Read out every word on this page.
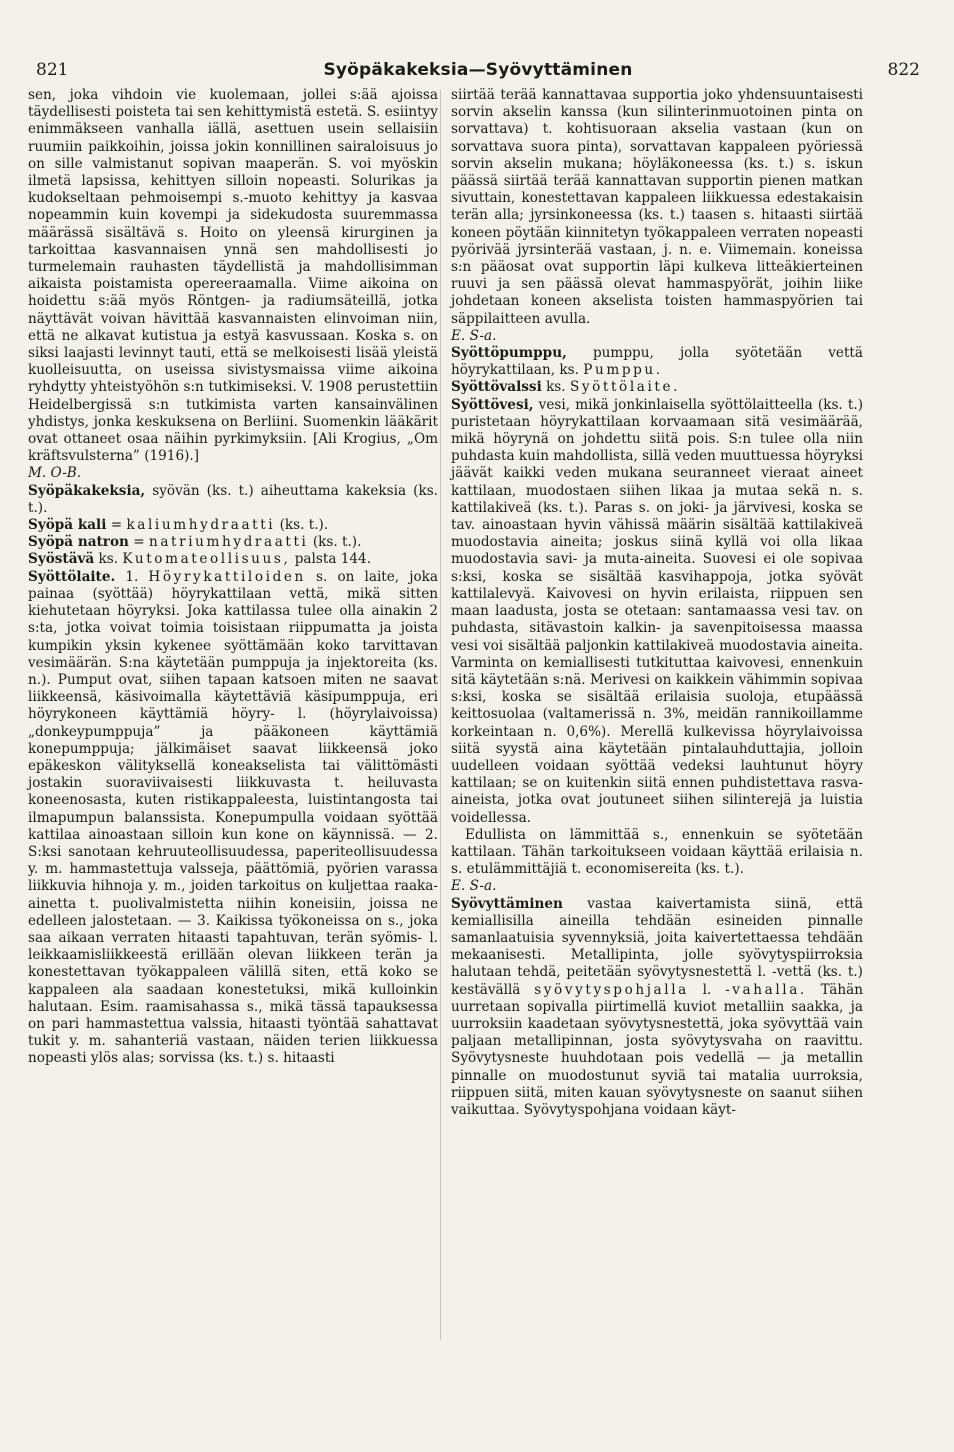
821	Syöpäkakeksia—Syövyttäminen	822

sen, joka vihdoin vie kuolemaan, jollei s:ää ajoissa täydellisesti poisteta tai sen kehittymistä estetä. S. esiintyy enimmäkseen vanhalla iällä, asettuen usein sellaisiin ruumiin paikkoihin, joissa jokin konnillinen sairaloisuus jo on sille valmistanut sopivan maaperän. S. voi myöskin ilmetä lapsissa, kehittyen silloin nopeasti. Solurikas ja kudokseltaan pehmoisempi s.-muoto kehittyy ja kasvaa nopeammin kuin kovempi ja sidekudosta suuremmassa määrässä sisältävä s. Hoito on yleensä kirurginen ja tarkoittaa kasvannaisen ynnä sen mahdollisesti jo turmelemain rauhasten täydellistä ja mahdollisimman aikaista poistamista opereeraamalla. Viime aikoina on hoidettu s:ää myös Röntgen- ja radiumsäteillä, jotka näyttävät voivan hävittää kasvannaisten elinvoiman niin, että ne alkavat kutistua ja estyä kasvussaan. Koska s. on siksi laajasti levinnyt tauti, että se melkoisesti lisää yleistä kuolleisuutta, on useissa sivistysmaissa viime aikoina ryhdytty yhteistyöhön s:n tutkimiseksi. V. 1908 perustettiin Heidelbergissä s:n tutkimista varten kansainvälinen yhdistys, jonka keskuksena on Berliini. Suomenkin lääkärit ovat ottaneet osaa näihin pyrkimyksiin. [Ali Krogius, „Om kräftsvulsterna” (1916).]

M. O-B.

Syöpäkakeksia, syövän (ks. t.) aiheuttama kakeksia (ks. t.).

Syöpä kali = kaliumhydraatti (ks. t.).

Syöpä natron = natriumhydraatti (ks. t.).

Syöstävä ks. Kutomateollisuus, palsta 144.

Syöttölaite. 1. Höyrykattiloiden s. on laite, joka painaa (syöttää) höyrykattilaan vettä, mikä sitten kiehutetaan höyryksi. Joka kattilassa tulee olla ainakin 2 s:ta, jotka voivat toimia toisistaan riippumatta ja joista kumpikin yksin kykenee syöttämään koko tarvittavan vesimäärän. S:na käytetään pumppuja ja injektoreita (ks. n.). Pumput ovat, siihen tapaan katsoen miten ne saavat liikkeensä, käsivoimalla käytettäviä käsipumppuja, eri höyrykoneen käyttämiä höyry- l. (höyrylaivoissa) „donkeypumppuja” ja pääkoneen käyttämiä konepumppuja; jälkimäiset saavat liikkeensä joko epäkeskon välityksellä koneakselista tai välittömästi jostakin suoraviivaisesti liikkuvasta t. heiluvasta koneenosasta, kuten ristikappaleesta, luistintangosta tai ilmapumpun balanssista. Konepumpulla voidaan syöttää kattilaa ainoastaan silloin kun kone on käynnissä. — 2. S:ksi sanotaan kehruuteollisuudessa, paperiteollisuudessa y. m. hammastettuja valsseja, päättömiä, pyörien varassa liikkuvia hihnoja y. m., joiden tarkoitus on kuljettaa raaka-ainetta t. puolivalmistetta niihin koneisiin, joissa ne edelleen jalostetaan. — 3. Kaikissa työkoneissa on s., joka saa aikaan verraten hitaasti tapahtuvan, terän syömis- l. leikkaamisliikkeestä erillään olevan liikkeen terän ja konestettavan työkappaleen välillä siten, että koko se kappaleen ala saadaan konestetuksi, mikä kulloinkin halutaan. Esim. raamisahassa s., mikä tässä tapauksessa on pari hammastettua valssia, hitaasti työntää sahattavat tukit y. m. sahanteriä vastaan, näiden terien liikkuessa nopeasti ylös alas; sorvissa (ks. t.) s. hitaasti

siirtää terää kannattavaa supportia joko yhdensuuntaisesti sorvin akselin kanssa (kun silinterinmuotoinen pinta on sorvattava) t. kohtisuoraan akselia vastaan (kun on sorvattava suora pinta), sorvattavan kappaleen pyöriessä sorvin akselin mukana; höyläkoneessa (ks. t.) s. iskun päässä siirtää terää kannattavan supportin pienen matkan sivuttain, konestettavan kappaleen liikkuessa edestakaisin terän alla; jyrsinkoneessa (ks. t.) taasen s. hitaasti siirtää koneen pöytään kiinnitetyn työkappaleen verraten nopeasti pyörivää jyrsinterää vastaan, j. n. e. Viimemain. koneissa s:n pääosat ovat supportin läpi kulkeva litteäkierteinen ruuvi ja sen päässä olevat hammaspyörät, joihin liike johdetaan koneen akselista toisten hammaspyörien tai säppilaitteen avulla.

E. S-a.

Syöttöpumppu, pumppu, jolla syötetään vettä höyrykattilaan, ks. Pumppu.

Syöttövalssi ks. Syöttölaite.

Syöttövesi, vesi, mikä jonkinlaisella syöttölaitteella (ks. t.) puristetaan höyrykattilaan korvaamaan sitä vesimäärää, mikä höyrynä on johdettu siitä pois. S:n tulee olla niin puhdasta kuin mahdollista, sillä veden muuttuessa höyryksi jäävät kaikki veden mukana seuranneet vieraat aineet kattilaan, muodostaen siihen likaa ja mutaa sekä n. s. kattilakiveä (ks. t.). Paras s. on joki- ja järvivesi, koska se tav. ainoastaan hyvin vähissä määrin sisältää kattilakiveä muodostavia aineita; joskus siinä kyllä voi olla likaa muodostavia savi- ja muta-aineita. Suovesi ei ole sopivaa s:ksi, koska se sisältää kasvihappoja, jotka syövät kattilalevyä. Kaivovesi on hyvin erilaista, riippuen sen maan laadusta, josta se otetaan: santamaassa vesi tav. on puhdasta, sitävastoin kalkin- ja savenpitoisessa maassa vesi voi sisältää paljonkin kattilakiveä muodostavia aineita. Varminta on kemiallisesti tutkituttaa kaivovesi, ennenkuin sitä käytetään s:nä. Merivesi on kaikkein vähimmin sopivaa s:ksi, koska se sisältää erilaisia suoloja, etupäässä keittosuolaa (valtamerissä n. 3%, meidän rannikoillamme korkeintaan n. 0,6%). Merellä kulkevissa höyrylaivoissa siitä syystä aina käytetään pintalauhduttajia, jolloin uudelleen voidaan syöttää vedeksi lauhtunut höyry kattilaan; se on kuitenkin siitä ennen puhdistettava rasva-aineista, jotka ovat joutuneet siihen silinterejä ja luistia voidellessa.

Edullista on lämmittää s., ennenkuin se syötetään kattilaan. Tähän tarkoitukseen voidaan käyttää erilaisia n. s. etulämmittäjiä t. economisereita (ks. t.).

E. S-a.

Syövyttäminen vastaa kaivertamista siinä, että kemiallisilla aineilla tehdään esineiden pinnalle samanlaatuisia syvennyksiä, joita kaivertettaessa tehdään mekaanisesti. Metallipinta, jolle syövytyspiirroksia halutaan tehdä, peitetään syövytysnestettä l. -vettä (ks. t.) kestävällä syövytyspohjalla l. -vahalla. Tähän uurretaan sopivalla piirtimellä kuviot metalliin saakka, ja uurroksiin kaadetaan syövytysnestettä, joka syövyttää vain paljaan metallipinnan, josta syövytysvaha on raavittu. Syövytysneste huuhdotaan pois vedellä — ja metallin pinnalle on muodostunut syviä tai matalia uurroksia, riippuen siitä, miten kauan syövytysneste on saanut siihen vaikuttaa. Syövytyspohjana voidaan käyt-
